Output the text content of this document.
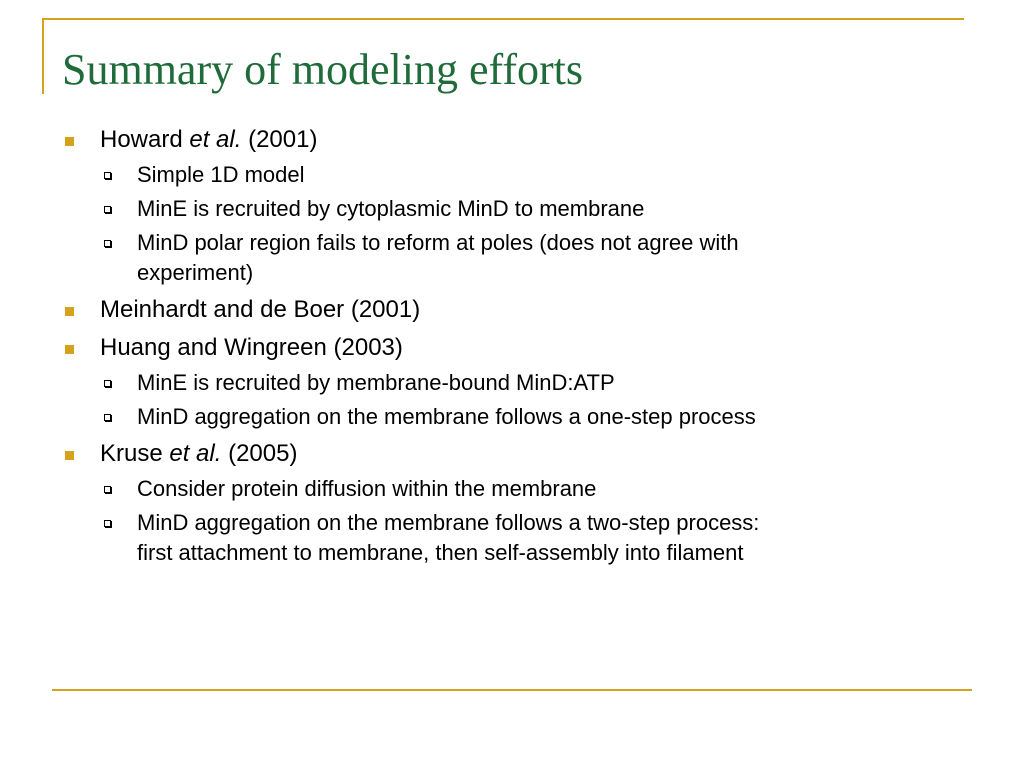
Summary of modeling efforts
Howard et al. (2001)
Simple 1D model
MinE is recruited by cytoplasmic MinD to membrane
MinD polar region fails to reform at poles (does not agree with
experiment)
Meinhardt and de Boer (2001)
Huang and Wingreen (2003)
MinE is recruited by membrane-bound MinD:ATP
MinD aggregation on the membrane follows a one-step process
Kruse et al. (2005)
Consider protein diffusion within the membrane
MinD aggregation on the membrane follows a two-step process:
first attachment to membrane, then self-assembly into filament
